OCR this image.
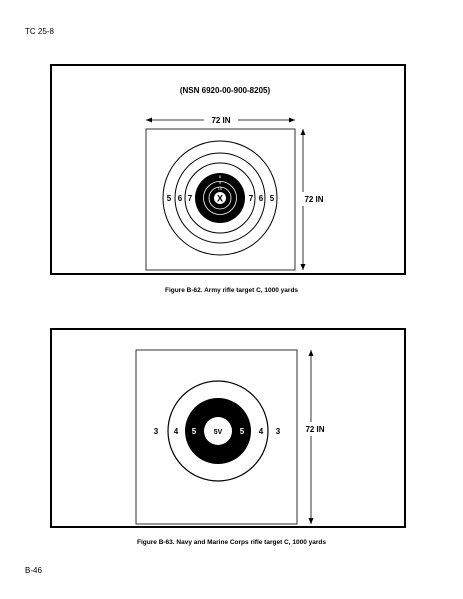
TC 25-8
(NSN 6920-00-900-8205)
72 IN
72 IN
8
9
10
X
5 6 7	7 6 5
Figure B-62. Army rifle target C, 1000 yards
72 IN
5V
3 4 5	5 4 3
Figure B-63. Navy and Marine Corps rifle target C, 1000 yards
B-46
